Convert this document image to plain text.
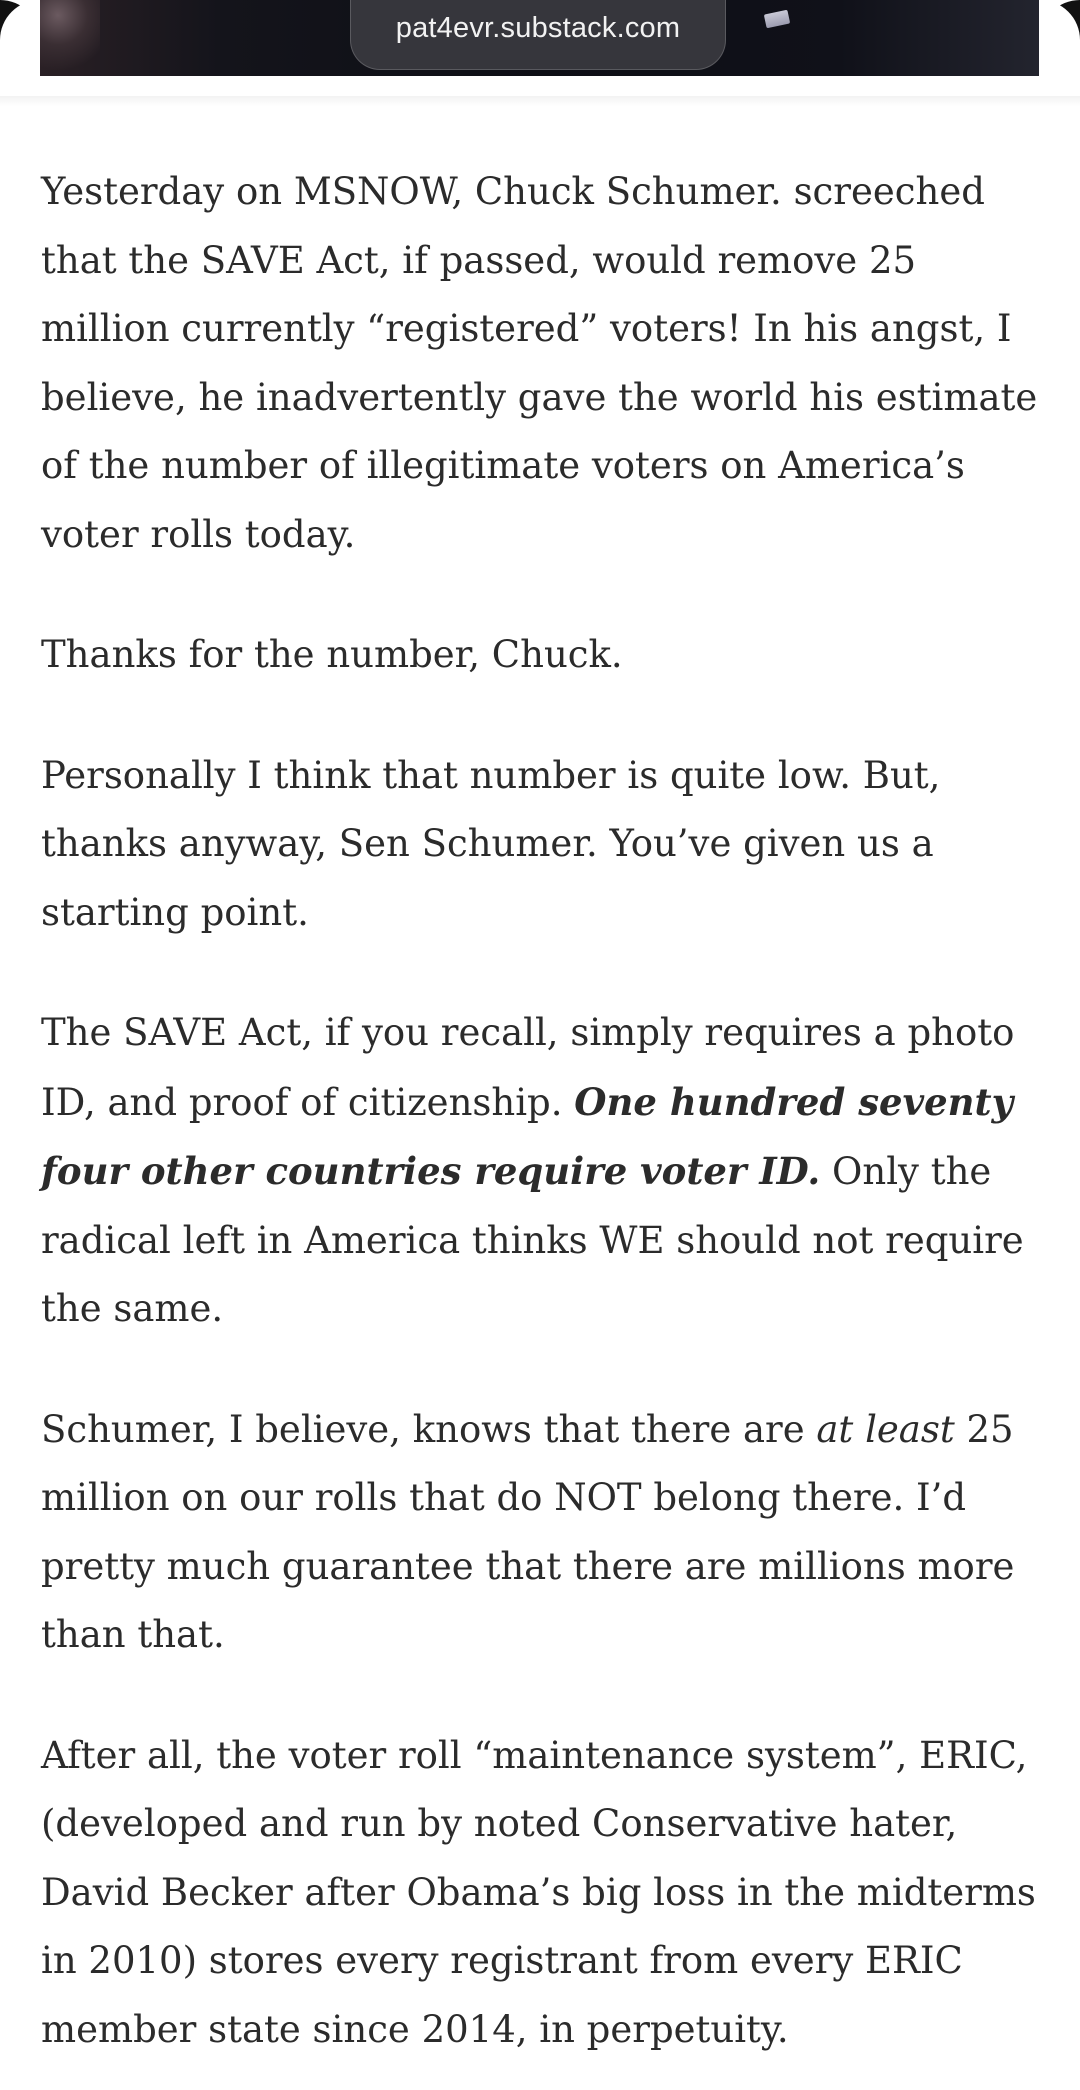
pat4evr.substack.com

Yesterday on MSNOW, Chuck Schumer. screeched that the SAVE Act, if passed, would remove 25 million currently “registered” voters! In his angst, I believe, he inadvertently gave the world his estimate of the number of illegitimate voters on America’s voter rolls today.

Thanks for the number, Chuck.

Personally I think that number is quite low. But, thanks anyway, Sen Schumer. You’ve given us a starting point.

The SAVE Act, if you recall, simply requires a photo ID, and proof of citizenship. One hundred seventy four other countries require voter ID. Only the radical left in America thinks WE should not require the same.

Schumer, I believe, knows that there are at least 25 million on our rolls that do NOT belong there. I’d pretty much guarantee that there are millions more than that.

After all, the voter roll “maintenance system”, ERIC, (developed and run by noted Conservative hater, David Becker after Obama’s big loss in the midterms in 2010) stores every registrant from every ERIC member state since 2014, in perpetuity.
